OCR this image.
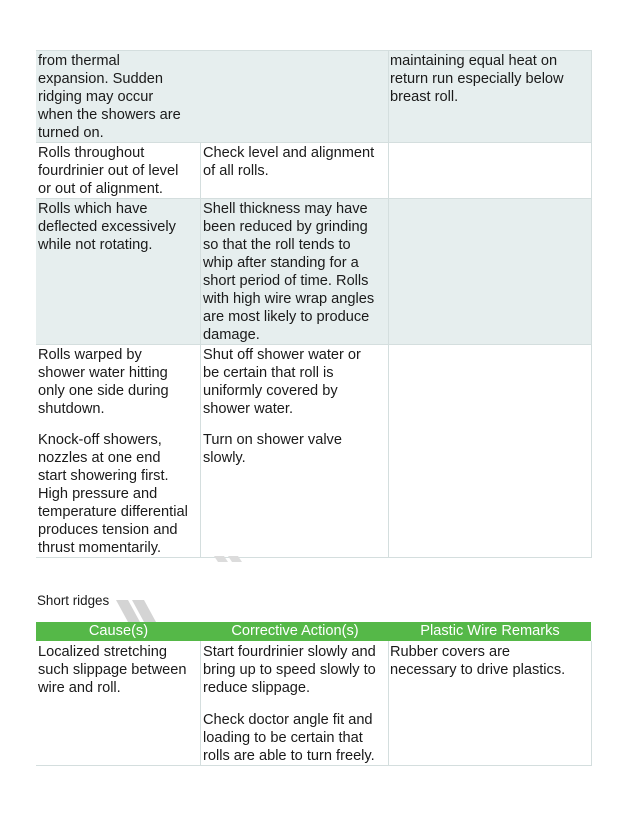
from thermal
expansion. Sudden
ridging may occur
when the showers are
turned on.
maintaining equal heat on
return run especially below
breast roll.
Rolls throughout
fourdrinier out of level
or out of alignment.
Check level and alignment
of all rolls.
Rolls which have
deflected excessively
while not rotating.
Shell thickness may have
been reduced by grinding
so that the roll tends to
whip after standing for a
short period of time. Rolls
with high wire wrap angles
are most likely to produce
damage.
Rolls warped by
shower water hitting
only one side during
shutdown.
Knock-off showers,
nozzles at one end
start showering first.
High pressure and
temperature differential
produces tension and
thrust momentarily.
Shut off shower water or
be certain that roll is
uniformly covered by
shower water.
Turn on shower valve
slowly.
Short ridges
Cause(s)	Corrective Action(s)	Plastic Wire Remarks
Localized stretching
such slippage between
wire and roll.
Start fourdrinier slowly and
bring up to speed slowly to
reduce slippage.
Check doctor angle fit and
loading to be certain that
rolls are able to turn freely.
Rubber covers are
necessary to drive plastics.
